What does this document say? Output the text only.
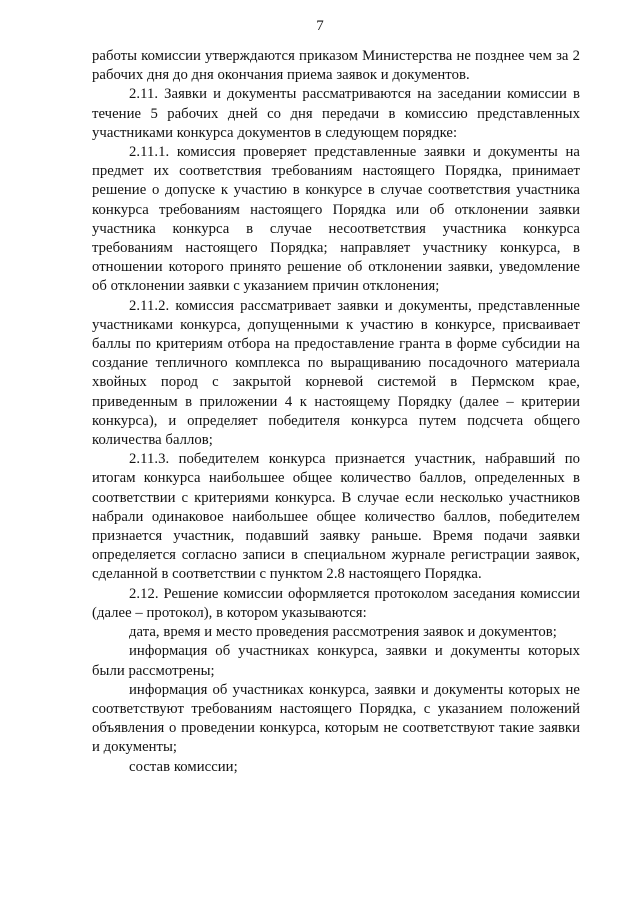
7

работы комиссии утверждаются приказом Министерства не позднее чем за 2 рабочих дня до дня окончания приема заявок и документов.

2.11. Заявки и документы рассматриваются на заседании комиссии в течение 5 рабочих дней со дня передачи в комиссию представленных участниками конкурса документов в следующем порядке:

2.11.1. комиссия проверяет представленные заявки и документы на предмет их соответствия требованиям настоящего Порядка, принимает решение о допуске к участию в конкурсе в случае соответствия участника конкурса требованиям настоящего Порядка или об отклонении заявки участника конкурса в случае несоответствия участника конкурса требованиям настоящего Порядка; направляет участнику конкурса, в отношении которого принято решение об отклонении заявки, уведомление об отклонении заявки с указанием причин отклонения;

2.11.2. комиссия рассматривает заявки и документы, представленные участниками конкурса, допущенными к участию в конкурсе, присваивает баллы по критериям отбора на предоставление гранта в форме субсидии на создание тепличного комплекса по выращиванию посадочного материала хвойных пород с закрытой корневой системой в Пермском крае, приведенным в приложении 4 к настоящему Порядку (далее – критерии конкурса), и определяет победителя конкурса путем подсчета общего количества баллов;

2.11.3. победителем конкурса признается участник, набравший по итогам конкурса наибольшее общее количество баллов, определенных в соответствии с критериями конкурса. В случае если несколько участников набрали одинаковое наибольшее общее количество баллов, победителем признается участник, подавший заявку раньше. Время подачи заявки определяется согласно записи в специальном журнале регистрации заявок, сделанной в соответствии с пунктом 2.8 настоящего Порядка.

2.12. Решение комиссии оформляется протоколом заседания комиссии (далее – протокол), в котором указываются:

дата, время и место проведения рассмотрения заявок и документов;

информация об участниках конкурса, заявки и документы которых были рассмотрены;

информация об участниках конкурса, заявки и документы которых не соответствуют требованиям настоящего Порядка, с указанием положений объявления о проведении конкурса, которым не соответствуют такие заявки и документы;

состав комиссии;
